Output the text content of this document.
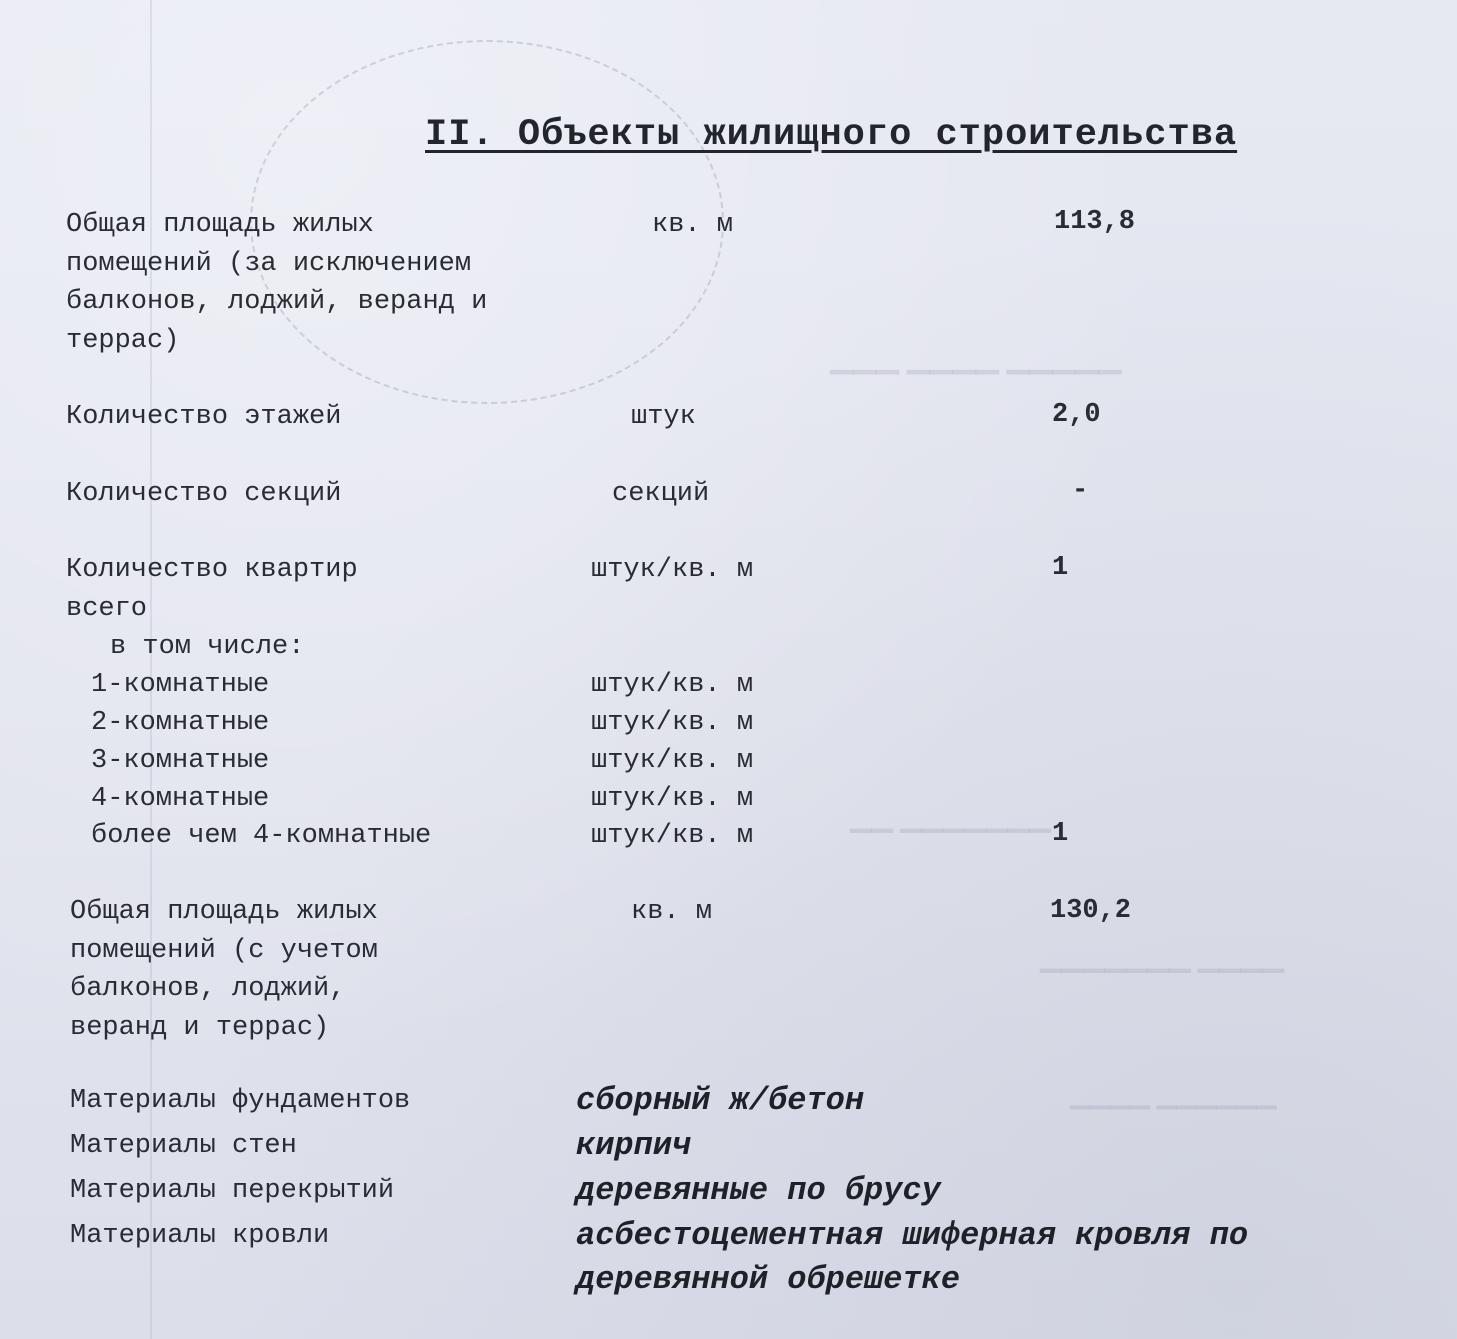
▁▁▁ ▁▁▁▁ ▁▁▁▁▁
▁▁ ▁▁▁▁▁▁▁
▁▁▁▁▁▁▁ ▁▁▁▁
▁▁▁▁ ▁▁▁▁▁▁
II. Объекты жилищного строительства
Общая площадь жилых
помещений (за исключением
балконов, лоджий, веранд и
террас)
кв. м	113,8
Количество этажей	штук	2,0
Количество секций	секций	-
Количество квартир
всего
штук/кв. м	1
в том числе:
1-комнатные	штук/кв. м
2-комнатные	штук/кв. м
3-комнатные	штук/кв. м
4-комнатные	штук/кв. м
более чем 4-комнатные	штук/кв. м	1
Общая площадь жилых
помещений (с учетом
балконов, лоджий,
веранд и террас)
кв. м	130,2
Материалы фундаментов	сборный ж/бетон
Материалы стен	кирпич
Материалы перекрытий	деревянные по брусу
Материалы кровли	асбестоцементная шиферная кровля по
деревянной обрешетке
